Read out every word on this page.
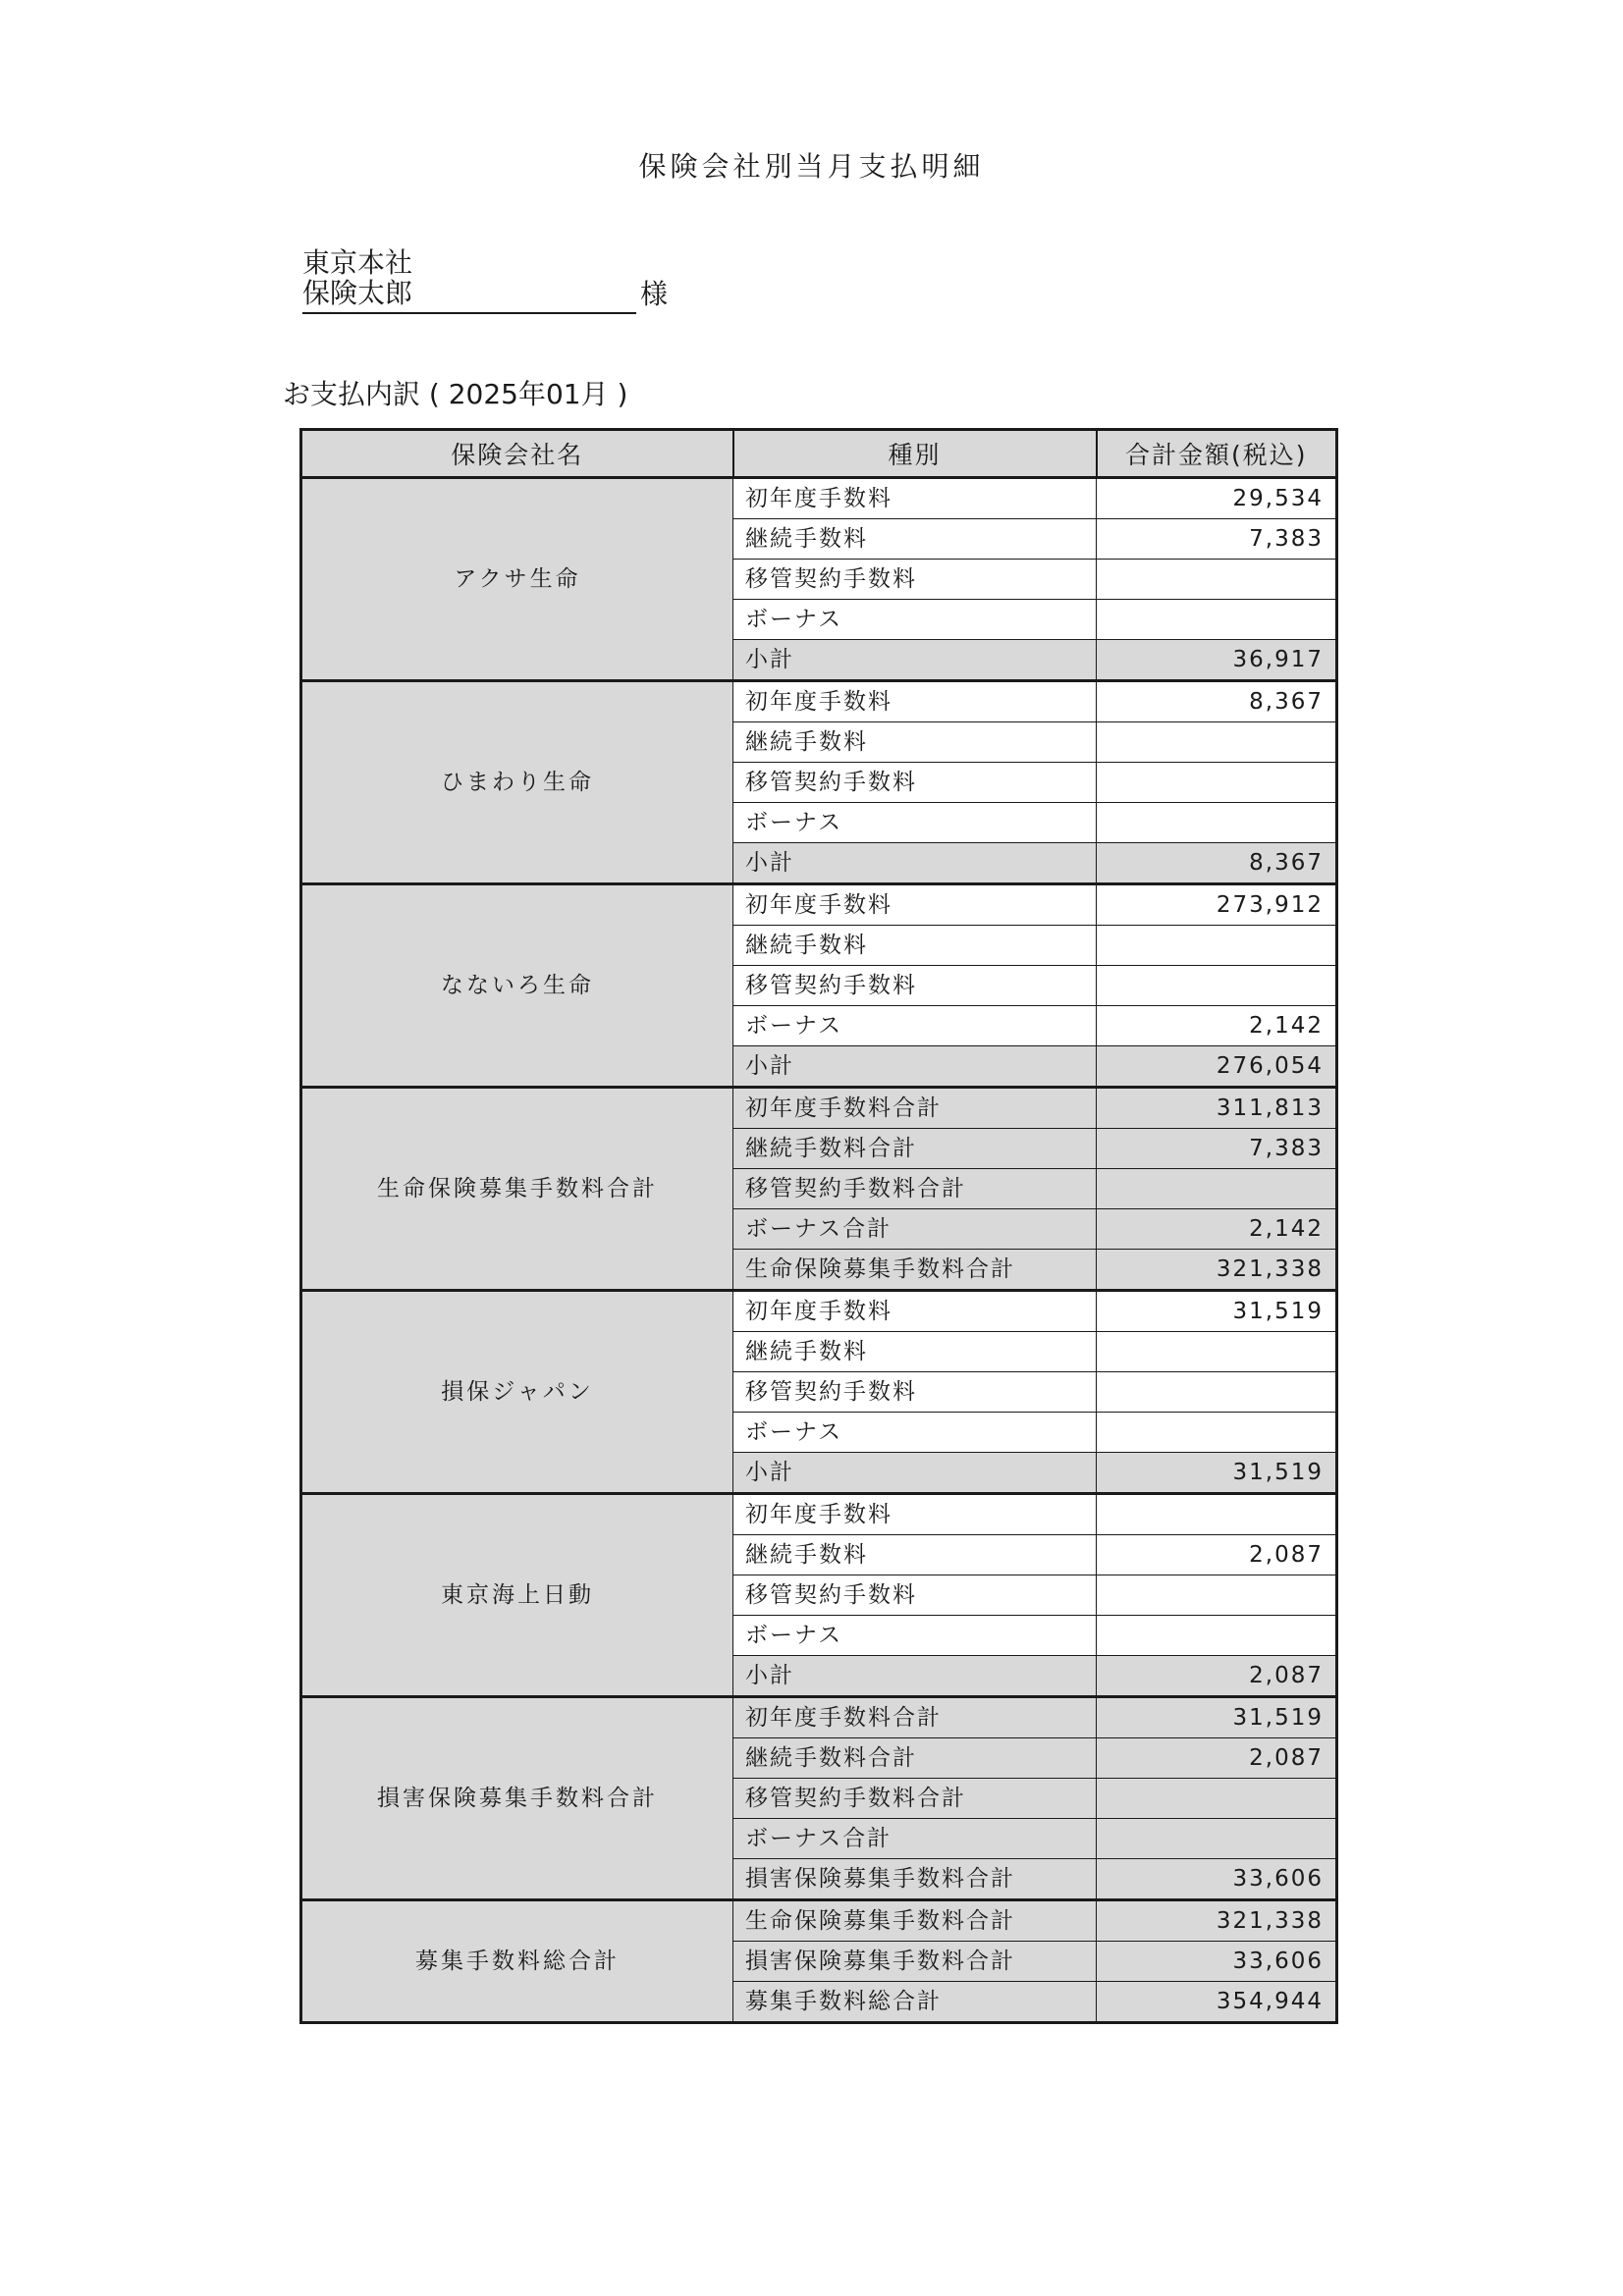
保険会社別当月支払明細
東京本社
保険太郎	様
お支払内訳 ( 2025年01月 )
保険会社名	種別	合計金額(税込)
アクサ生命	初年度手数料	29,534
	継続手数料	7,383
	移管契約手数料	
	ボーナス	
	小計	36,917
ひまわり生命	初年度手数料	8,367
	継続手数料	
	移管契約手数料	
	ボーナス	
	小計	8,367
なないろ生命	初年度手数料	273,912
	継続手数料	
	移管契約手数料	
	ボーナス	2,142
	小計	276,054
生命保険募集手数料合計	初年度手数料合計	311,813
	継続手数料合計	7,383
	移管契約手数料合計	
	ボーナス合計	2,142
	生命保険募集手数料合計	321,338
損保ジャパン	初年度手数料	31,519
	継続手数料	
	移管契約手数料	
	ボーナス	
	小計	31,519
東京海上日動	初年度手数料	
	継続手数料	2,087
	移管契約手数料	
	ボーナス	
	小計	2,087
損害保険募集手数料合計	初年度手数料合計	31,519
	継続手数料合計	2,087
	移管契約手数料合計	
	ボーナス合計	
	損害保険募集手数料合計	33,606
募集手数料総合計	生命保険募集手数料合計	321,338
	損害保険募集手数料合計	33,606
	募集手数料総合計	354,944
